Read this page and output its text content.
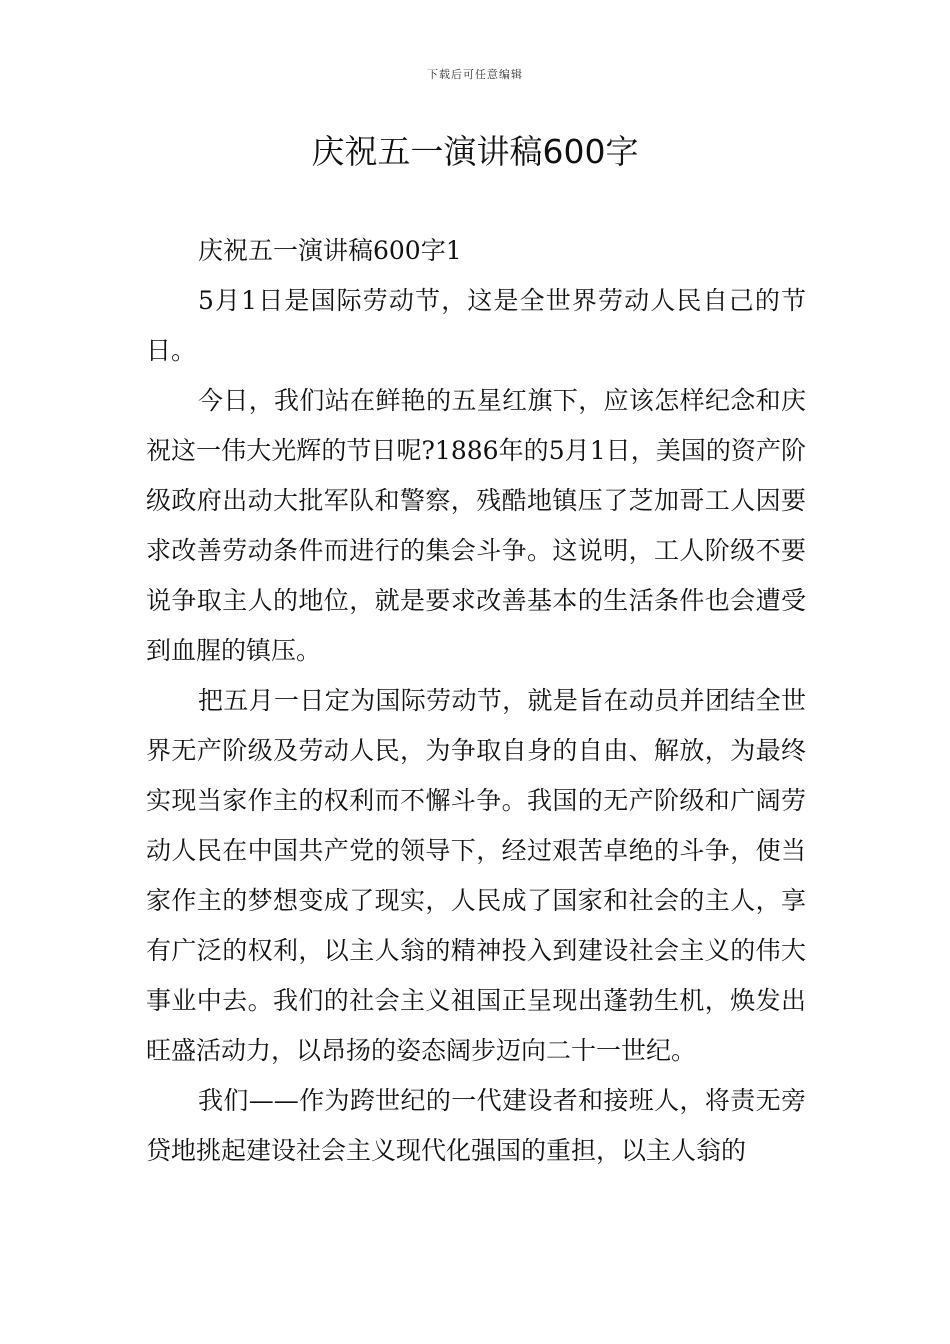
下载后可任意编辑
庆祝五一演讲稿600字

庆祝五一演讲稿600字1

5月1日是国际劳动节，这是全世界劳动人民自己的节日。

今日，我们站在鲜艳的五星红旗下，应该怎样纪念和庆祝这一伟大光辉的节日呢?1886年的5月1日，美国的资产阶级政府出动大批军队和警察，残酷地镇压了芝加哥工人因要求改善劳动条件而进行的集会斗争。这说明，工人阶级不要说争取主人的地位，就是要求改善基本的生活条件也会遭受到血腥的镇压。

把五月一日定为国际劳动节，就是旨在动员并团结全世界无产阶级及劳动人民，为争取自身的自由、解放，为最终实现当家作主的权利而不懈斗争。我国的无产阶级和广阔劳动人民在中国共产党的领导下，经过艰苦卓绝的斗争，使当家作主的梦想变成了现实，人民成了国家和社会的主人，享有广泛的权利，以主人翁的精神投入到建设社会主义的伟大事业中去。我们的社会主义祖国正呈现出蓬勃生机，焕发出旺盛活动力，以昂扬的姿态阔步迈向二十一世纪。

我们——作为跨世纪的一代建设者和接班人，将责无旁贷地挑起建设社会主义现代化强国的重担，以主人翁的
